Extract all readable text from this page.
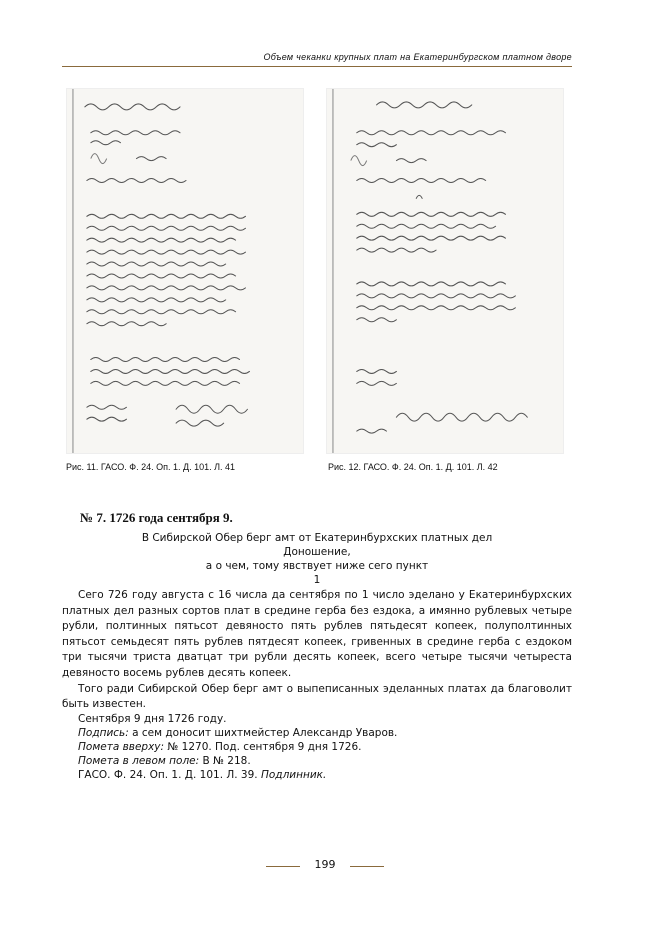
Объем чеканки крупных плат на Екатеринбургском платном дворе
Рис. 11. ГАСО. Ф. 24. Оп. 1. Д. 101. Л. 41	Рис. 12. ГАСО. Ф. 24. Оп. 1. Д. 101. Л. 42
№ 7. 1726 года сентября 9.
В Сибирской Обер берг амт от Екатеринбурхских платных дел
Доношение,
а о чем, тому явствует ниже сего пункт
1

Сего 726 году августа с 16 числа да сентября по 1 число эделано у Екатеринбурхских платных дел разных сортов плат в средине герба без ездока, а имянно рублевых четыре рубли, полтинных пятьсот девяносто пять рублев пятьдесят копеек, полуполтинных пятьсот семьдесят пять рублев пятдесят копеек, гривенных в средине герба с ездоком три тысячи триста дватцат три рубли десять копеек, всего четыре тысячи четыреста девяносто восемь рублев десять копеек.

Того ради Сибирской Обер берг амт о выпеписанных эделанных платах да благоволит быть известен.

Сентября 9 дня 1726 году.
Подпись: а сем доносит шихтмейстер Александр Уваров.
Помета вверху: № 1270. Под. сентября 9 дня 1726.
Помета в левом поле: В № 218.
ГАСО. Ф. 24. Оп. 1. Д. 101. Л. 39. Подлинник.
199
